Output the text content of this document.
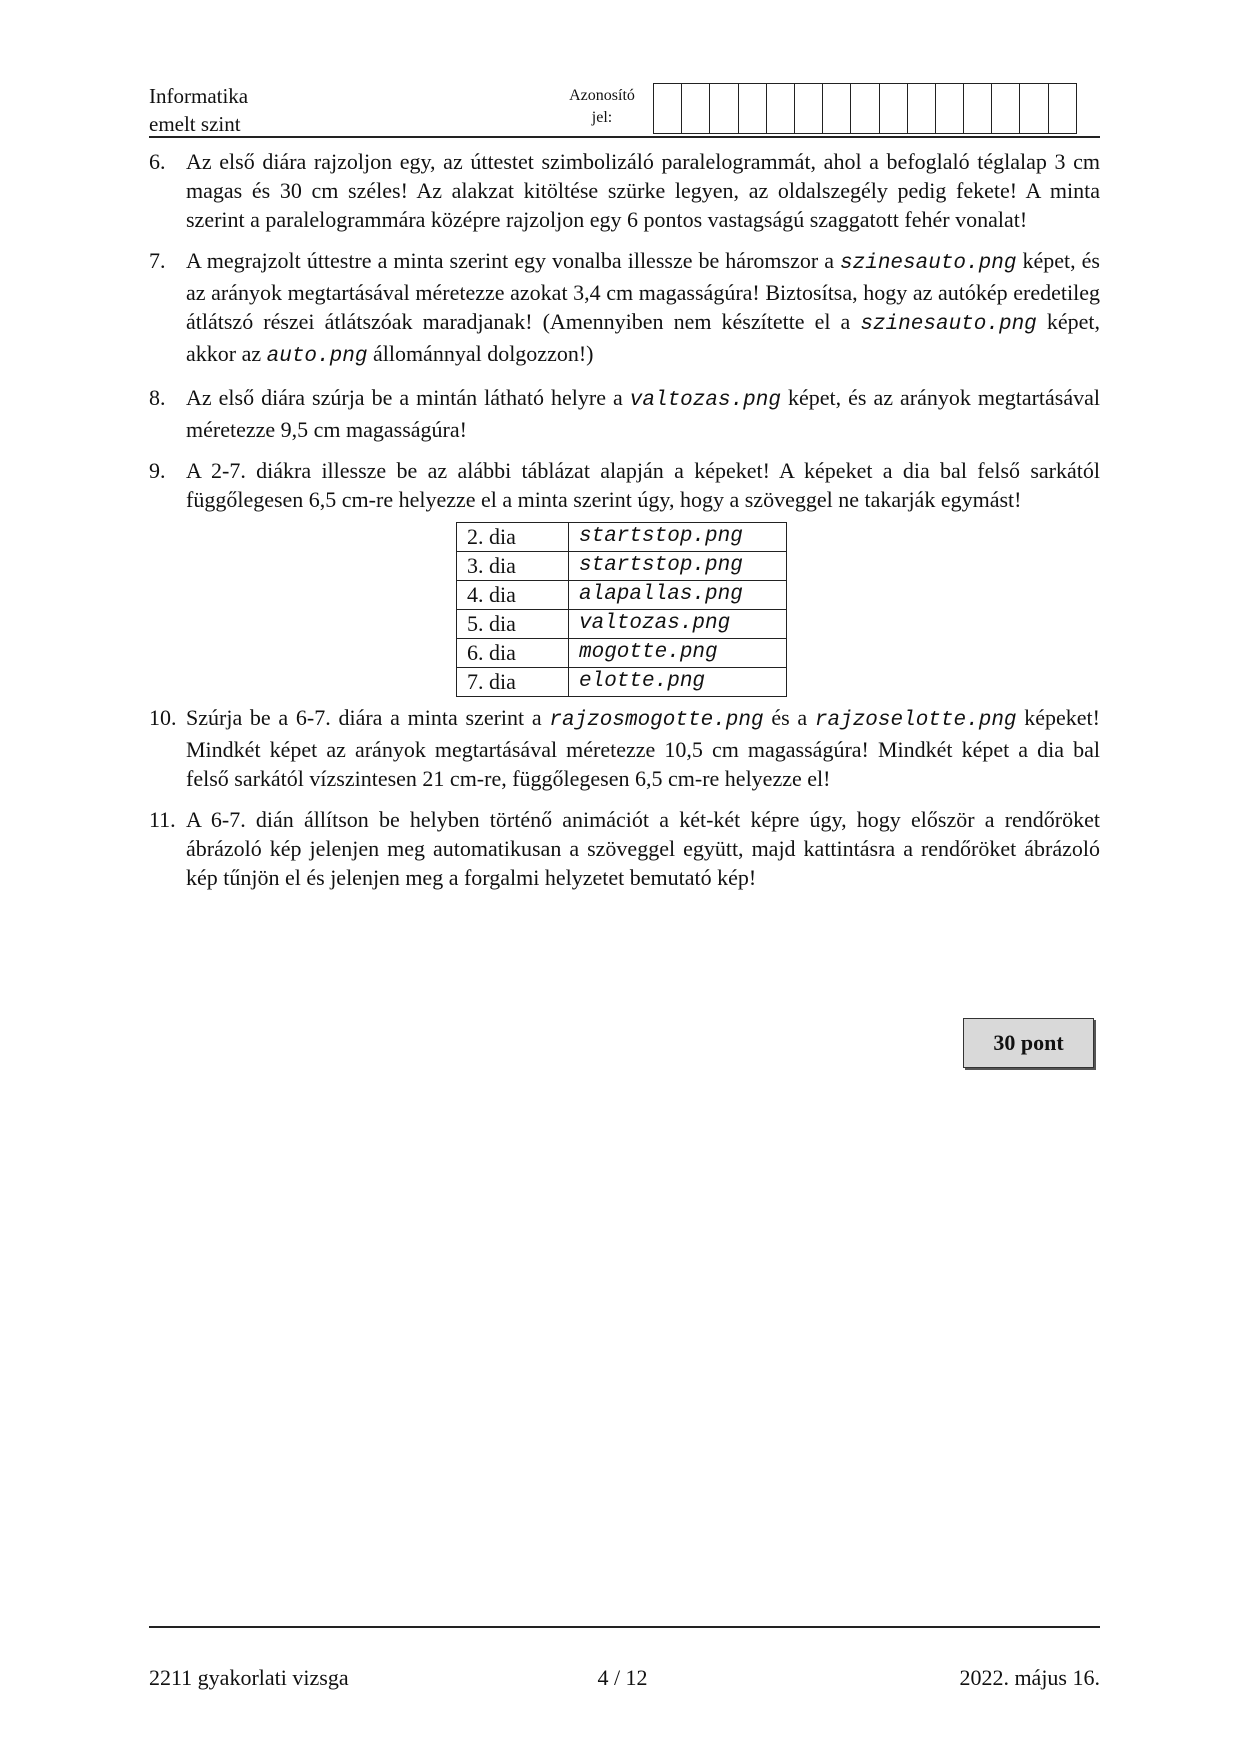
Informatika
emelt szint
Azonosító
jel:
6. Az első diára rajzoljon egy, az úttestet szimbolizáló paralelogrammát, ahol a befoglaló téglalap 3 cm magas és 30 cm széles! Az alakzat kitöltése szürke legyen, az oldalszegély pedig fekete! A minta szerint a paralelogrammára középre rajzoljon egy 6 pontos vastagságú szaggatott fehér vonalat!
7. A megrajzolt úttestre a minta szerint egy vonalba illessze be háromszor a szinesauto.png képet, és az arányok megtartásával méretezze azokat 3,4 cm magasságúra! Biztosítsa, hogy az autókép eredetileg átlátszó részei átlátszóak maradjanak! (Amennyiben nem készítette el a szinesauto.png képet, akkor az auto.png állománnyal dolgozzon!)
8. Az első diára szúrja be a mintán látható helyre a valtozas.png képet, és az arányok megtartásával méretezze 9,5 cm magasságúra!
9. A 2-7. diákra illessze be az alábbi táblázat alapján a képeket! A képeket a dia bal felső sarkától függőlegesen 6,5 cm-re helyezze el a minta szerint úgy, hogy a szöveggel ne takarják egymást!
2. dia	startstop.png
3. dia	startstop.png
4. dia	alapallas.png
5. dia	valtozas.png
6. dia	mogotte.png
7. dia	elotte.png
10. Szúrja be a 6-7. diára a minta szerint a rajzosmogotte.png és a rajzoselotte.png képeket! Mindkét képet az arányok megtartásával méretezze 10,5 cm magasságúra! Mindkét képet a dia bal felső sarkától vízszintesen 21 cm-re, függőlegesen 6,5 cm-re helyezze el!
11. A 6-7. dián állítson be helyben történő animációt a két-két képre úgy, hogy először a rendőröket ábrázoló kép jelenjen meg automatikusan a szöveggel együtt, majd kattintásra a rendőröket ábrázoló kép tűnjön el és jelenjen meg a forgalmi helyzetet bemutató kép!
30 pont
2211 gyakorlati vizsga	4 / 12	2022. május 16.
